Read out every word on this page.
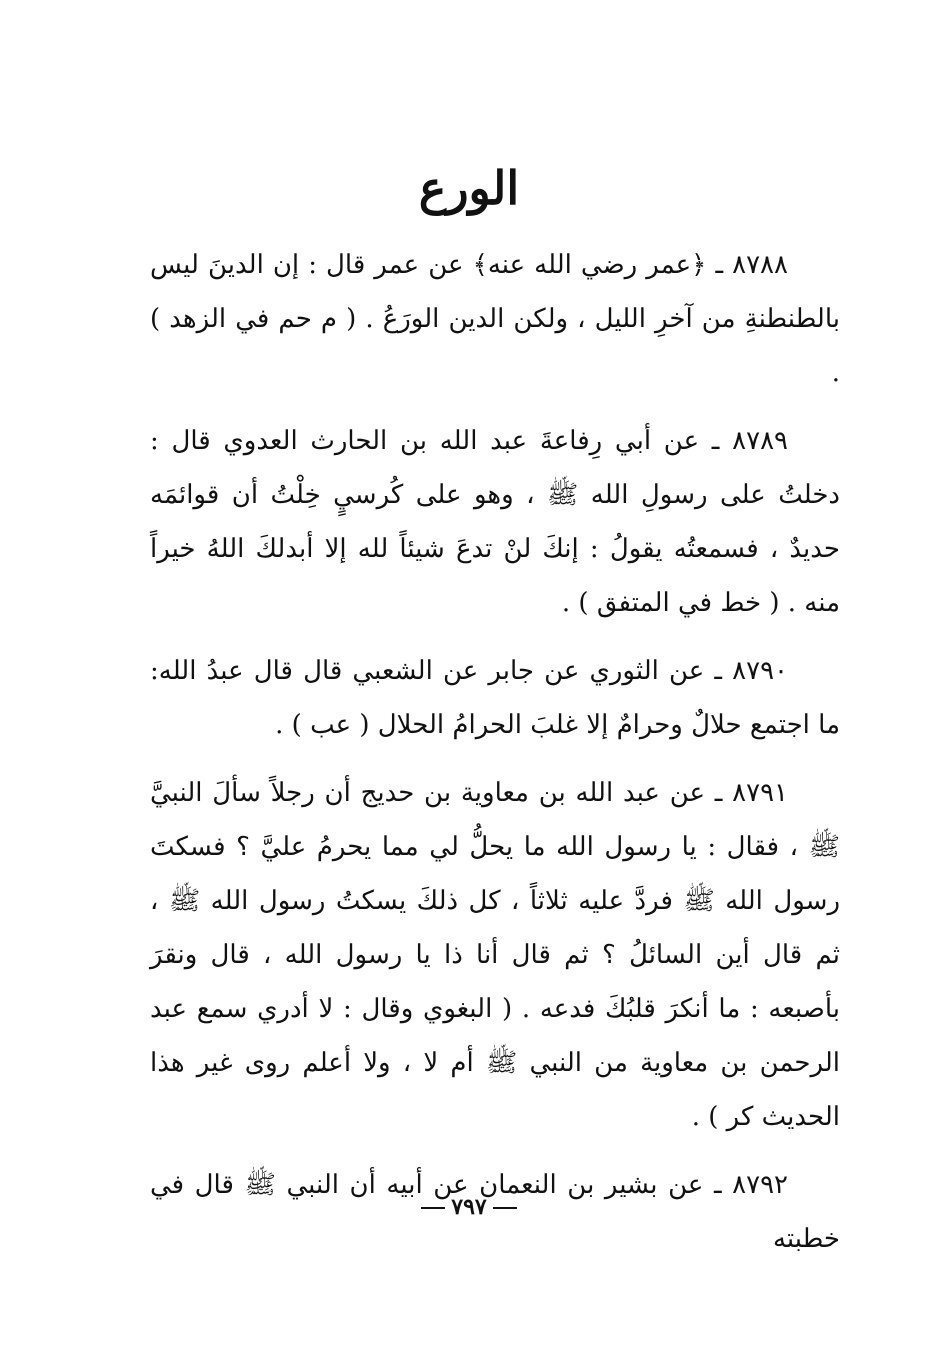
الورع

٨٧٨٨ ـ ﴿عمر رضي الله عنه﴾ عن عمر قال : إن الدينَ ليس بالطنطنةِ من آخرِ الليل ، ولكن الدين الورَعُ . ( م حم في الزهد ) .

٨٧٨٩ ـ عن أبي رِفاعةَ عبد الله بن الحارث العدوي قال : دخلتُ على رسولِ الله ﷺ ، وهو على كُرسيٍ خِلْتُ أن قوائمَه حديدٌ ، فسمعتُه يقولُ : إنكَ لنْ تدعَ شيئاً لله إلا أبدلكَ اللهُ خيراً منه . ( خط في المتفق ) .

٨٧٩٠ ـ عن الثوري عن جابر عن الشعبي قال قال عبدُ الله: ما اجتمع حلالٌ وحرامٌ إلا غلبَ الحرامُ الحلال ( عب ) .

٨٧٩١ ـ عن عبد الله بن معاوية بن حديج أن رجلاً سألَ النبيَّ ﷺ ، فقال : يا رسول الله ما يحلُّ لي مما يحرمُ عليَّ ؟ فسكتَ رسول الله ﷺ فردَّ عليه ثلاثاً ، كل ذلكَ يسكتُ رسول الله ﷺ ، ثم قال أين السائلُ ؟ ثم قال أنا ذا يا رسول الله ، قال ونقرَ بأصبعه : ما أنكرَ قلبُكَ فدعه . ( البغوي وقال : لا أدري سمع عبد الرحمن بن معاوية من النبي ﷺ أم لا ، ولا أعلم روى غير هذا الحديث كر ) .

٨٧٩٢ ـ عن بشير بن النعمان عن أبيه أن النبي ﷺ قال في خطبته

٧٩٧
